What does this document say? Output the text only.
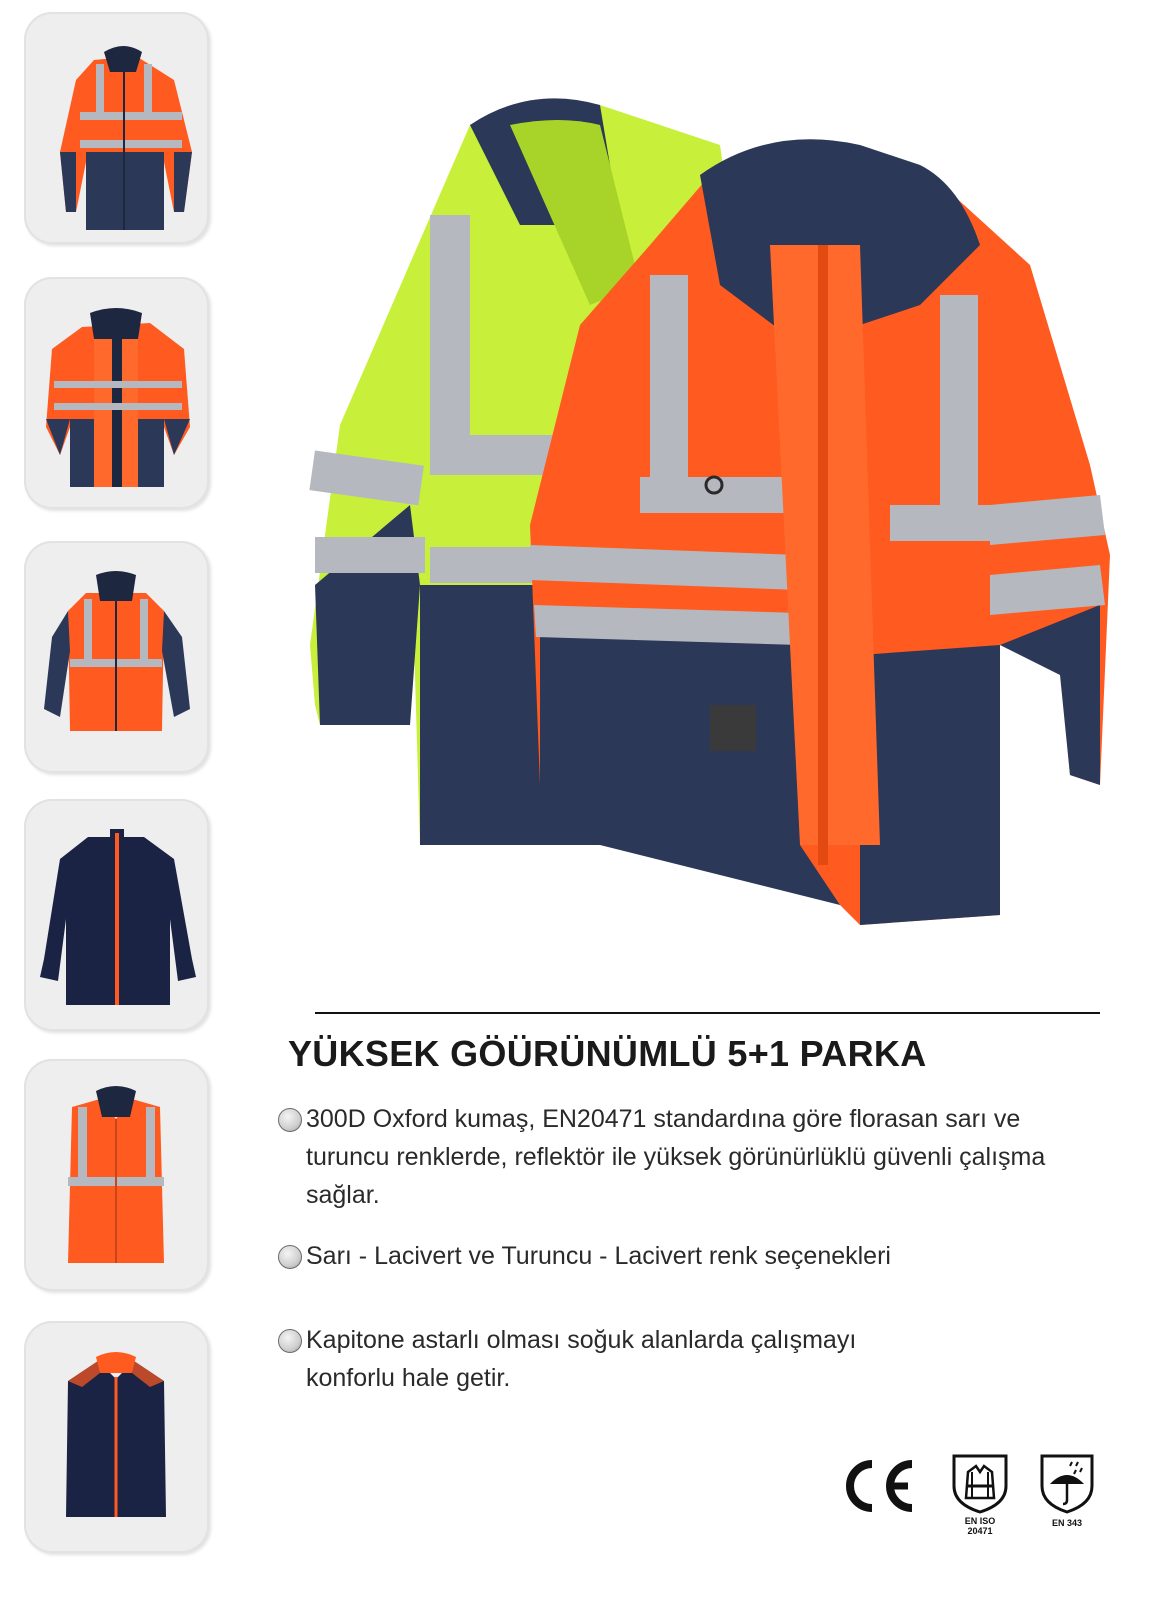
YÜKSEK GÖÜRÜNÜMLÜ 5+1 PARKA
300D Oxford kumaş, EN20471 standardına göre florasan sarı ve turuncu renklerde, reflektör ile yüksek görünürlüklü güvenli çalışma sağlar.
Sarı - Lacivert ve Turuncu - Lacivert renk seçenekleri
Kapitone astarlı olması soğuk alanlarda çalışmayı konforlu hale getir.
EN ISO
20471
EN 343
